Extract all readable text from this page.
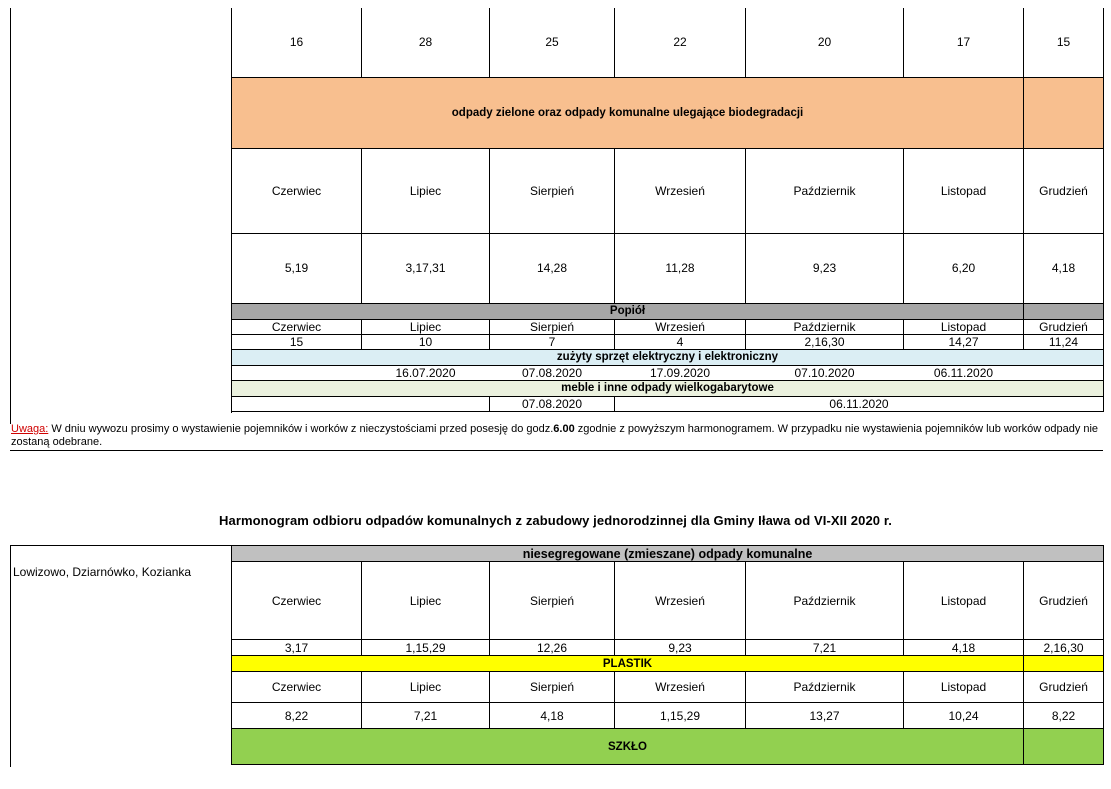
16	28	25	22	20	17	15
odpady zielone oraz odpady komunalne ulegające biodegradacji						
Czerwiec	Lipiec	Sierpień	Wrzesień	Październik	Listopad	Grudzień
5,19	3,17,31	14,28	11,28	9,23	6,20	4,18
Popiół						
Czerwiec	Lipiec	Sierpień	Wrzesień	Październik	Listopad	Grudzień
15	10	7	4	2,16,30	14,27	11,24
zużyty sprzęt elektryczny i elektroniczny						
	16.07.2020	07.08.2020	17.09.2020	07.10.2020	06.11.2020	
meble i inne odpady wielkogabarytowe						
		07.08.2020	06.11.2020			
Uwaga: W dniu wywozu prosimy o wystawienie pojemników i worków z nieczystościami przed posesję do godz.6.00 zgodnie z powyższym harmonogramem. W przypadku nie wystawienia pojemników lub worków odpady nie zostaną odebrane.
Harmonogram odbioru odpadów komunalnych z zabudowy jednorodzinnej dla Gminy Iława od VI-XII 2020 r.
Lowizowo, Dziarnówko, Kozianka
niesegregowane (zmieszane) odpady komunalne						
Czerwiec	Lipiec	Sierpień	Wrzesień	Październik	Listopad	Grudzień
3,17	1,15,29	12,26	9,23	7,21	4,18	2,16,30
PLASTIK						
Czerwiec	Lipiec	Sierpień	Wrzesień	Październik	Listopad	Grudzień
8,22	7,21	4,18	1,15,29	13,27	10,24	8,22
SZKŁO						
